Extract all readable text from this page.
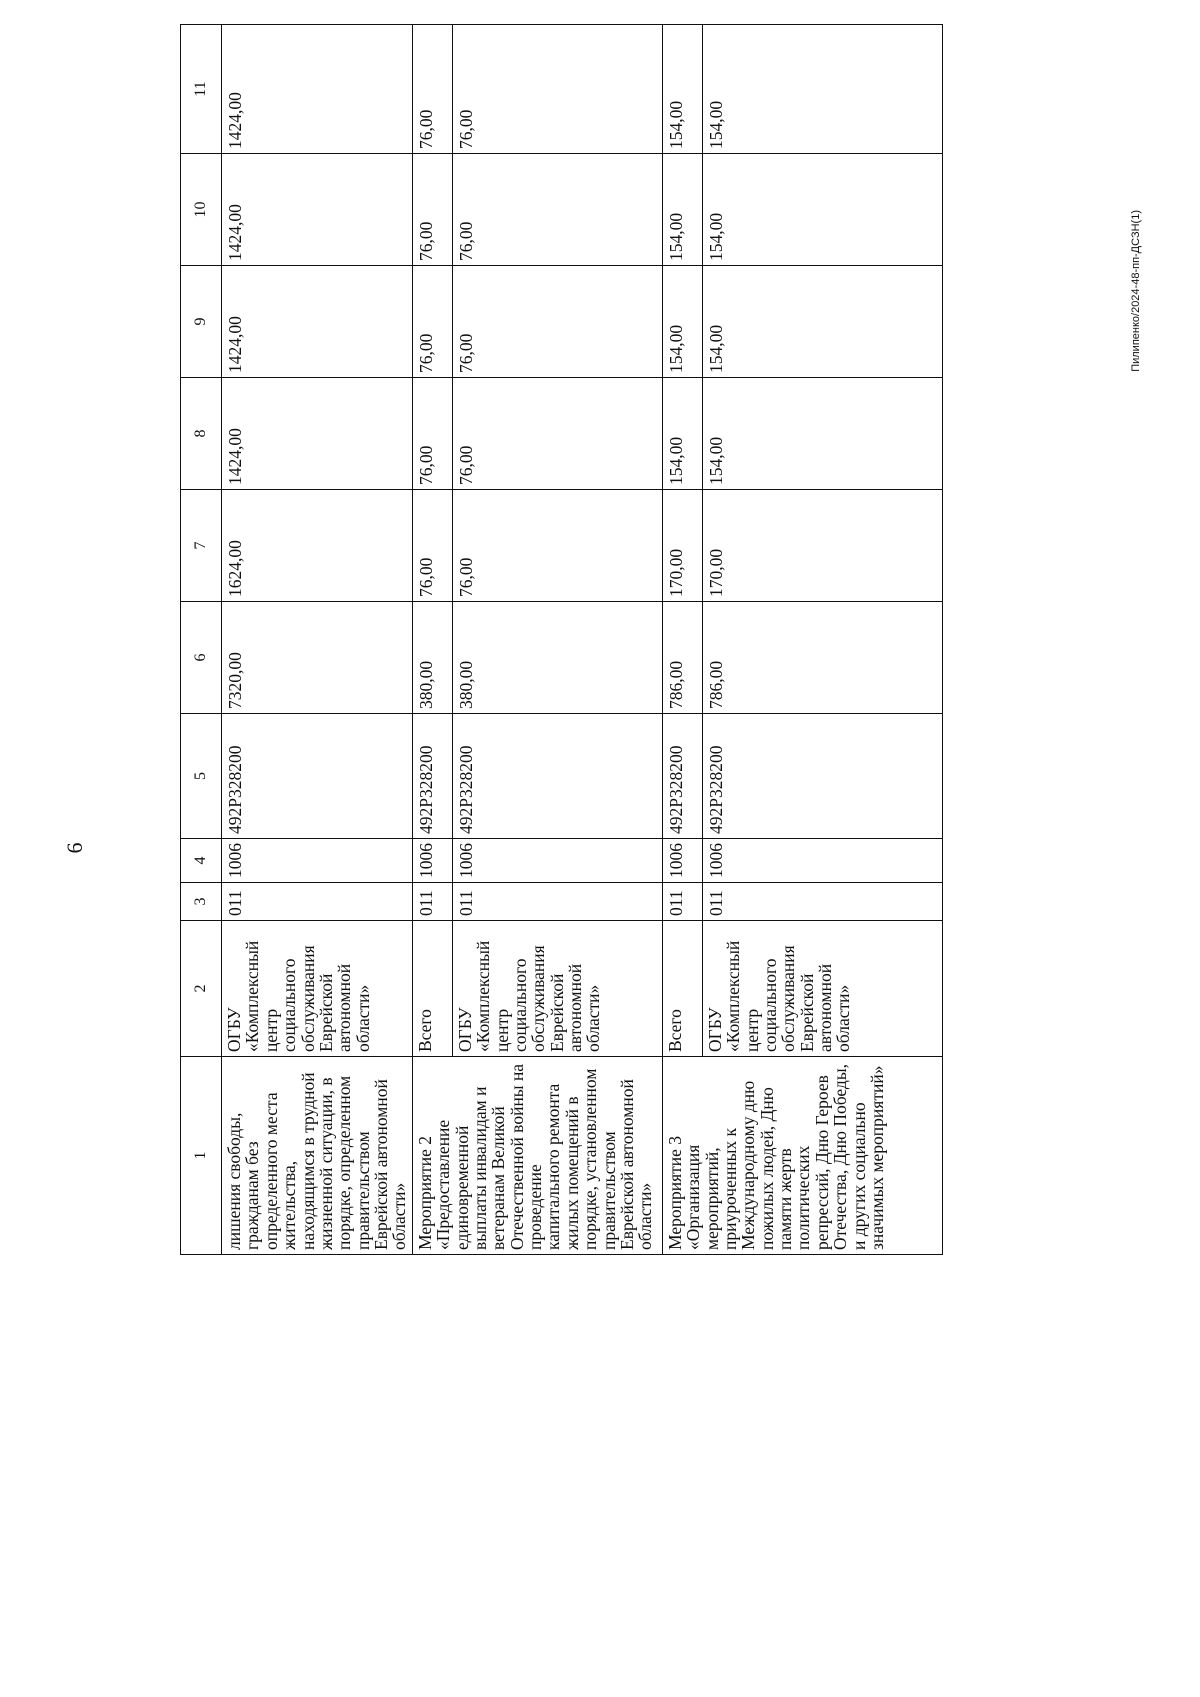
6
Пилипенко/2024-48-пп-ДСЗН(1)
1	2	3	4	5	6	7	8	9	10	11
лишения свободы, гражданам без определенного места жительства, находящимся в трудной жизненной ситуации, в порядке, определенном правительством Еврейской автономной области»	ОГБУ «Комплексный центр социального обслуживания Еврейской автономной области»	011	1006	492P328200	7320,00	1624,00	1424,00	1424,00	1424,00	1424,00
Мероприятие 2 «Предоставление единовременной выплаты инвалидам и ветеранам Великой Отечественной войны на проведение капитального ремонта жилых помещений в порядке, установленном правительством Еврейской автономной области»	Всего	011	1006	492P328200	380,00	76,00	76,00	76,00	76,00	76,00
	ОГБУ «Комплексный центр социального обслуживания Еврейской автономной области»	011	1006	492P328200	380,00	76,00	76,00	76,00	76,00	76,00
Мероприятие 3 «Организация мероприятий, приуроченных к Международному дню пожилых людей, Дню памяти жертв политических репрессий, Дню Героев Отечества, Дню Победы, и других социально значимых мероприятий»	Всего	011	1006	492P328200	786,00	170,00	154,00	154,00	154,00	154,00
	ОГБУ «Комплексный центр социального обслуживания Еврейской автономной области»	011	1006	492P328200	786,00	170,00	154,00	154,00	154,00	154,00
